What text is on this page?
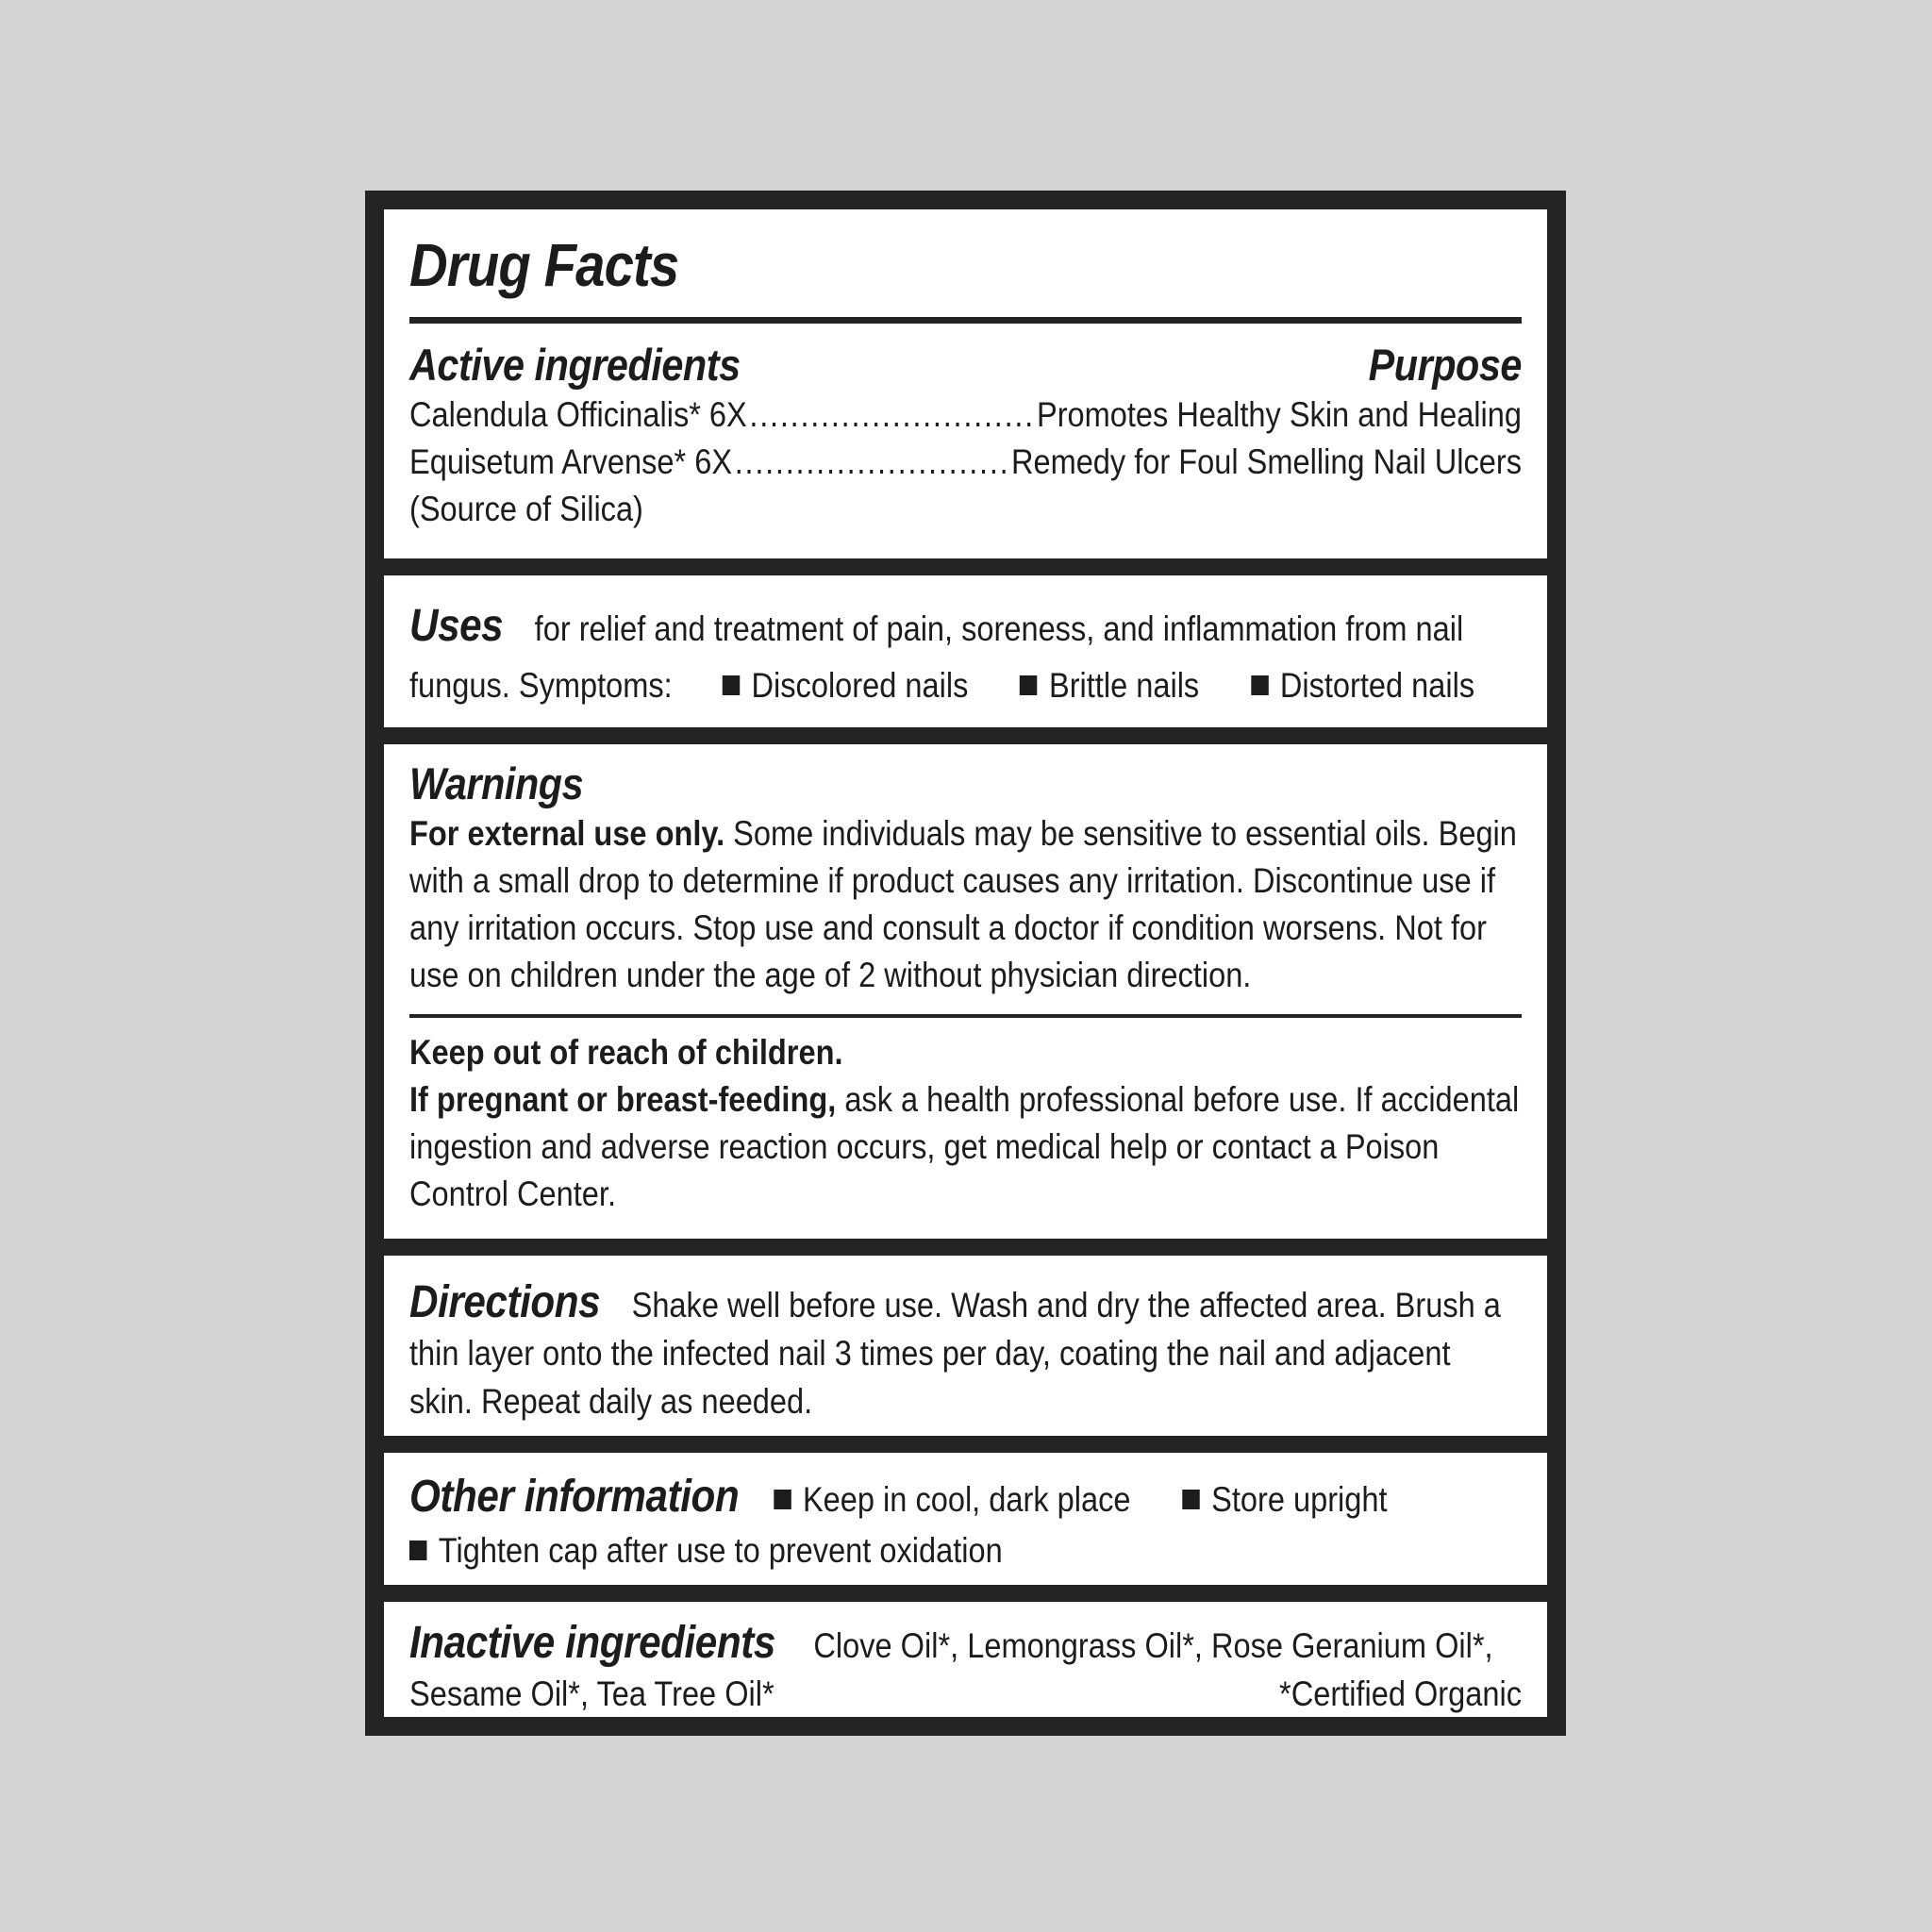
Drug Facts
Active ingredients	Purpose
Calendula Officinalis* 6X .....	Promotes Healthy Skin and Healing
Equisetum Arvense* 6X .....	Remedy for Foul Smelling Nail Ulcers

(Source of Silica)

Uses for relief and treatment of pain, soreness, and inflammation from nail fungus. Symptoms: Discolored nails Brittle nails Distorted nails

Warnings

For external use only. Some individuals may be sensitive to essential oils. Begin with a small drop to determine if product causes any irritation. Discontinue use if any irritation occurs. Stop use and consult a doctor if condition worsens. Not for use on children under the age of 2 without physician direction.

Keep out of reach of children.

If pregnant or breast-feeding, ask a health professional before use. If accidental ingestion and adverse reaction occurs, get medical help or contact a Poison Control Center.

Directions Shake well before use. Wash and dry the affected area. Brush a thin layer onto the infected nail 3 times per day, coating the nail and adjacent skin. Repeat daily as needed.

Other information Keep in cool, dark place Store upright Tighten cap after use to prevent oxidation

Inactive ingredients Clove Oil*, Lemongrass Oil*, Rose Geranium Oil*, Sesame Oil*, Tea Tree Oil*	*Certified Organic
